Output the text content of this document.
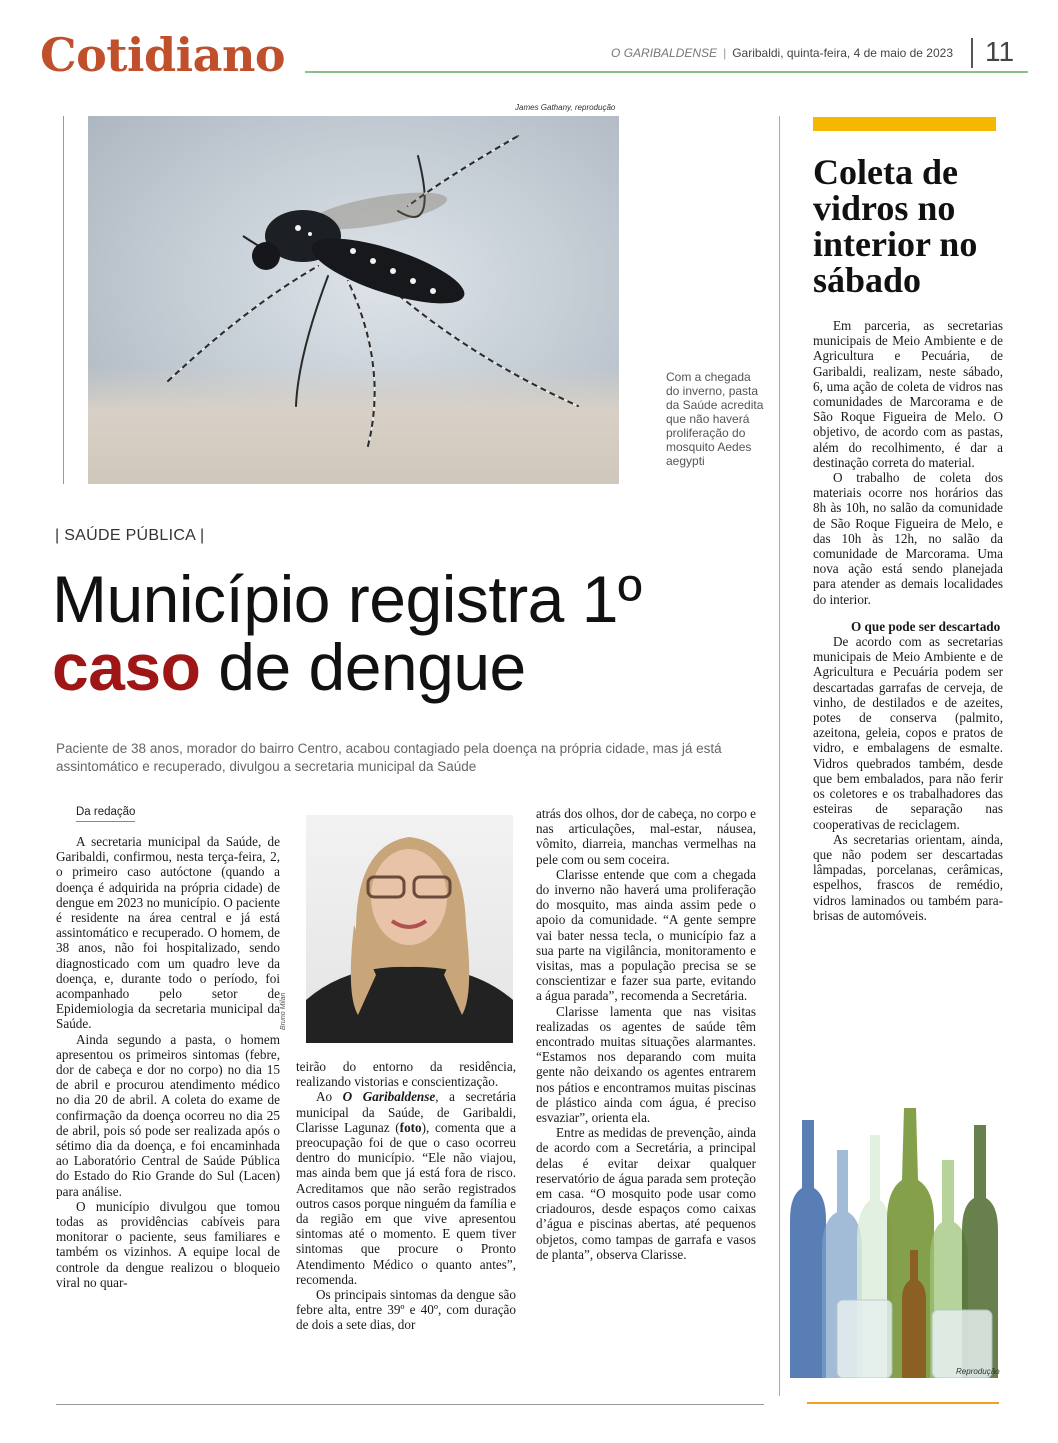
Cotidiano	O GARIBALDENSE | Garibaldi, quinta-feira, 4 de maio de 2023 11
James Gathany, reprodução
Com a chegada do inverno, pasta da Saúde acredita que não haverá proliferação do mosquito Aedes aegypti
| SAÚDE PÚBLICA |
Município registra 1º
caso de dengue
Paciente de 38 anos, morador do bairro Centro, acabou contagiado pela doença na própria cidade, mas já está assintomático e recuperado, divulgou a secretaria municipal da Saúde
Da redação

A secretaria municipal da Saúde, de Garibaldi, confirmou, nesta terça-feira, 2, o primeiro caso autóctone (quando a doença é adquirida na própria cidade) de dengue em 2023 no município. O paciente é residente na área central e já está assintomático e recuperado. O homem, de 38 anos, não foi hospitalizado, sendo diagnosticado com um quadro leve da doença, e, durante todo o período, foi acompanhado pelo setor de Epidemiologia da secretaria municipal da Saúde.

Ainda segundo a pasta, o homem apresentou os primeiros sintomas (febre, dor de cabeça e dor no corpo) no dia 15 de abril e procurou atendimento médico no dia 20 de abril. A coleta do exame de confirmação da doença ocorreu no dia 25 de abril, pois só pode ser realizada após o sétimo dia da doença, e foi encaminhada ao Laboratório Central de Saúde Pública do Estado do Rio Grande do Sul (Lacen) para análise.

O município divulgou que tomou todas as providências cabíveis para monitorar o paciente, seus familiares e também os vizinhos. A equipe local de controle da dengue realizou o bloqueio viral no quar-

Bruno Milan

teirão do entorno da residência, realizando vistorias e conscientização.

Ao O Garibaldense, a secretária municipal da Saúde, de Garibaldi, Clarisse Lagunaz (foto), comenta que a preocupação foi de que o caso ocorreu dentro do município. “Ele não viajou, mas ainda bem que já está fora de risco. Acreditamos que não serão registrados outros casos porque ninguém da família e da região em que vive apresentou sintomas até o momento. E quem tiver sintomas que procure o Pronto Atendimento Médico o quanto antes”, recomenda.

Os principais sintomas da dengue são febre alta, entre 39º e 40º, com duração de dois a sete dias, dor

atrás dos olhos, dor de cabeça, no corpo e nas articulações, mal-estar, náusea, vômito, diarreia, manchas vermelhas na pele com ou sem coceira.

Clarisse entende que com a chegada do inverno não haverá uma proliferação do mosquito, mas ainda assim pede o apoio da comunidade. “A gente sempre vai bater nessa tecla, o município faz a sua parte na vigilância, monitoramento e visitas, mas a população precisa se se conscientizar e fazer sua parte, evitando a água parada”, recomenda a Secretária.

Clarisse lamenta que nas visitas realizadas os agentes de saúde têm encontrado muitas situações alarmantes. “Estamos nos deparando com muita gente não deixando os agentes entrarem nos pátios e encontramos muitas piscinas de plástico ainda com água, é preciso esvaziar”, orienta ela.

Entre as medidas de prevenção, ainda de acordo com a Secretária, a principal delas é evitar deixar qualquer reservatório de água parada sem proteção em casa. “O mosquito pode usar como criadouros, desde espaços como caixas d’água e piscinas abertas, até pequenos objetos, como tampas de garrafa e vasos de planta”, observa Clarisse.

Coleta de vidros no interior no sábado

Em parceria, as secretarias municipais de Meio Ambiente e de Agricultura e Pecuária, de Garibaldi, realizam, neste sábado, 6, uma ação de coleta de vidros nas comunidades de Marcorama e de São Roque Figueira de Melo. O objetivo, de acordo com as pastas, além do recolhimento, é dar a destinação correta do material.

O trabalho de coleta dos materiais ocorre nos horários das 8h às 10h, no salão da comunidade de São Roque Figueira de Melo, e das 10h às 12h, no salão da comunidade de Marcorama. Uma nova ação está sendo planejada para atender as demais localidades do interior.

O que pode ser descartado

De acordo com as secretarias municipais de Meio Ambiente e de Agricultura e Pecuária podem ser descartadas garrafas de cerveja, de vinho, de destilados e de azeites, potes de conserva (palmito, azeitona, geleia, copos e pratos de vidro, e embalagens de esmalte. Vidros quebrados também, desde que bem embalados, para não ferir os coletores e os trabalhadores das esteiras de separação nas cooperativas de reciclagem.

As secretarias orientam, ainda, que não podem ser descartadas lâmpadas, porcelanas, cerâmicas, espelhos, frascos de remédio, vidros laminados ou também para-brisas de automóveis.

Reprodução
